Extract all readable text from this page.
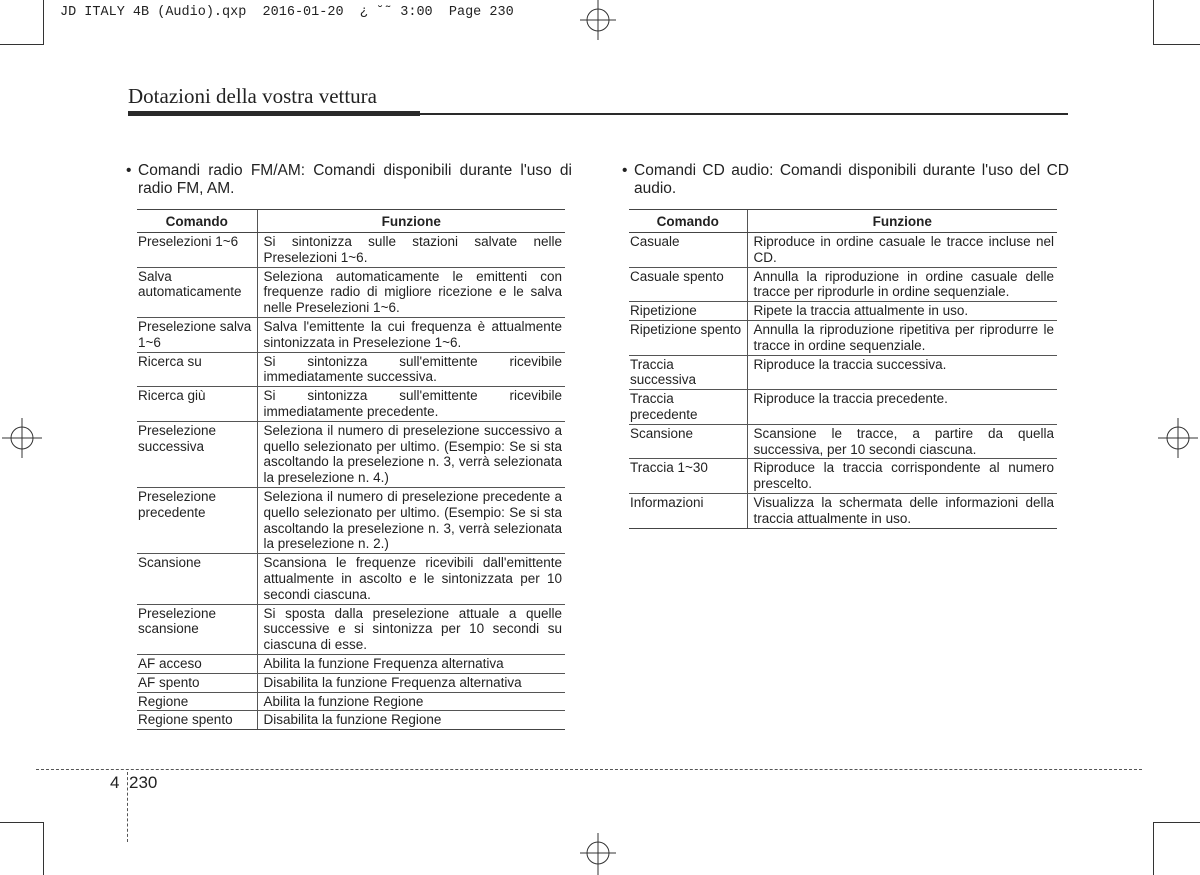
JD ITALY 4B (Audio).qxp  2016-01-20  ¿ ˘˜ 3:00  Page 230
Dotazioni della vostra vettura
• Comandi radio FM/AM: Comandi disponibili durante l'uso di radio FM, AM.
Comando	Funzione
Preselezioni 1~6	Si sintonizza sulle stazioni salvate nelle Preselezioni 1~6.
Salva automaticamente	Seleziona automaticamente le emittenti con frequenze radio di migliore ricezione e le salva nelle Preselezioni 1~6.
Preselezione salva 1~6	Salva l'emittente la cui frequenza è attualmente sintonizzata in Preselezione 1~6.
Ricerca su	Si sintonizza sull'emittente ricevibile immediatamente successiva.
Ricerca giù	Si sintonizza sull'emittente ricevibile immediatamente precedente.
Preselezione successiva	Seleziona il numero di preselezione successivo a quello selezionato per ultimo. (Esempio: Se si sta ascoltando la preselezione n. 3, verrà selezionata la preselezione n. 4.)
Preselezione precedente	Seleziona il numero di preselezione precedente a quello selezionato per ultimo. (Esempio: Se si sta ascoltando la preselezione n. 3, verrà selezionata la preselezione n. 2.)
Scansione	Scansiona le frequenze ricevibili dall'emittente attualmente in ascolto e le sintonizzata per 10 secondi ciascuna.
Preselezione scansione	Si sposta dalla preselezione attuale a quelle successive e si sintonizza per 10 secondi su ciascuna di esse.
AF acceso	Abilita la funzione Frequenza alternativa
AF spento	Disabilita la funzione Frequenza alternativa
Regione	Abilita la funzione Regione
Regione spento	Disabilita la funzione Regione
• Comandi CD audio: Comandi disponibili durante l'uso del CD audio.
Comando	Funzione
Casuale	Riproduce in ordine casuale le tracce incluse nel CD.
Casuale spento	Annulla la riproduzione in ordine casuale delle tracce per riprodurle in ordine sequenziale.
Ripetizione	Ripete la traccia attualmente in uso.
Ripetizione spento	Annulla la riproduzione ripetitiva per riprodurre le tracce in ordine sequenziale.
Traccia successiva	Riproduce la traccia successiva.
Traccia precedente	Riproduce la traccia precedente.
Scansione	Scansione le tracce, a partire da quella successiva, per 10 secondi ciascuna.
Traccia 1~30	Riproduce la traccia corrispondente al numero prescelto.
Informazioni	Visualizza la schermata delle informazioni della traccia attualmente in uso.
4 230
